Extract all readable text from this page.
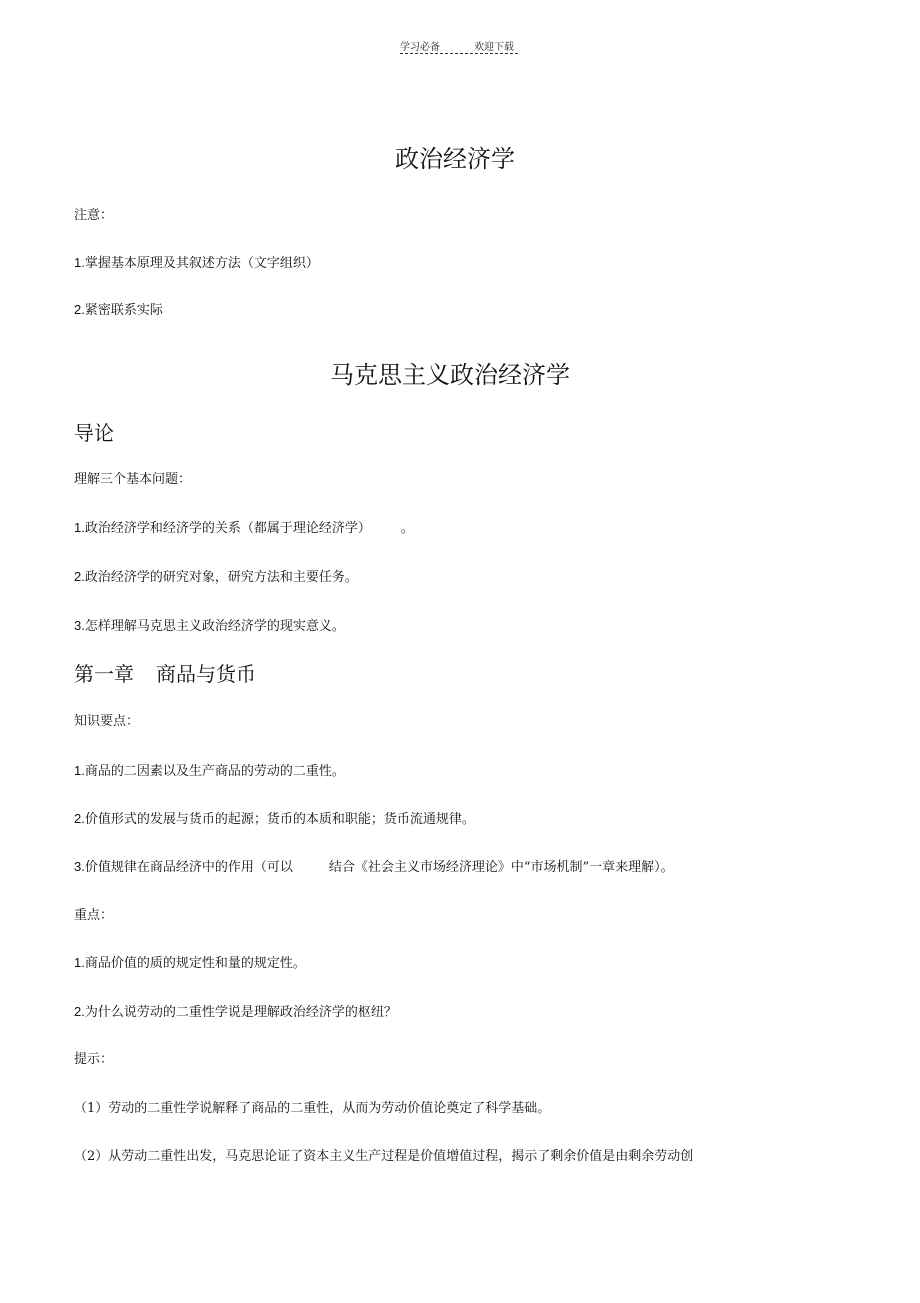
学习必备	欢迎下载
政治经济学
注意：
1.掌握基本原理及其叙述方法（文字组织）
2.紧密联系实际
马克思主义政治经济学
导论
理解三个基本问题：
1.政治经济学和经济学的关系（都属于理论经济学） 。
2.政治经济学的研究对象，研究方法和主要任务。
3.怎样理解马克思主义政治经济学的现实意义。
第一章 商品与货币
知识要点：
1.商品的二因素以及生产商品的劳动的二重性。
2.价值形式的发展与货币的起源；货币的本质和职能；货币流通规律。
3.价值规律在商品经济中的作用（可以	结合《社会主义市场经济理论》中“市场机制”一章来理解）。
重点：
1.商品价值的质的规定性和量的规定性。
2.为什么说劳动的二重性学说是理解政治经济学的枢纽？
提示：
（1）劳动的二重性学说解释了商品的二重性，从而为劳动价值论奠定了科学基础。
（2）从劳动二重性出发，马克思论证了资本主义生产过程是价值增值过程，揭示了剩余价值是由剩余劳动创
